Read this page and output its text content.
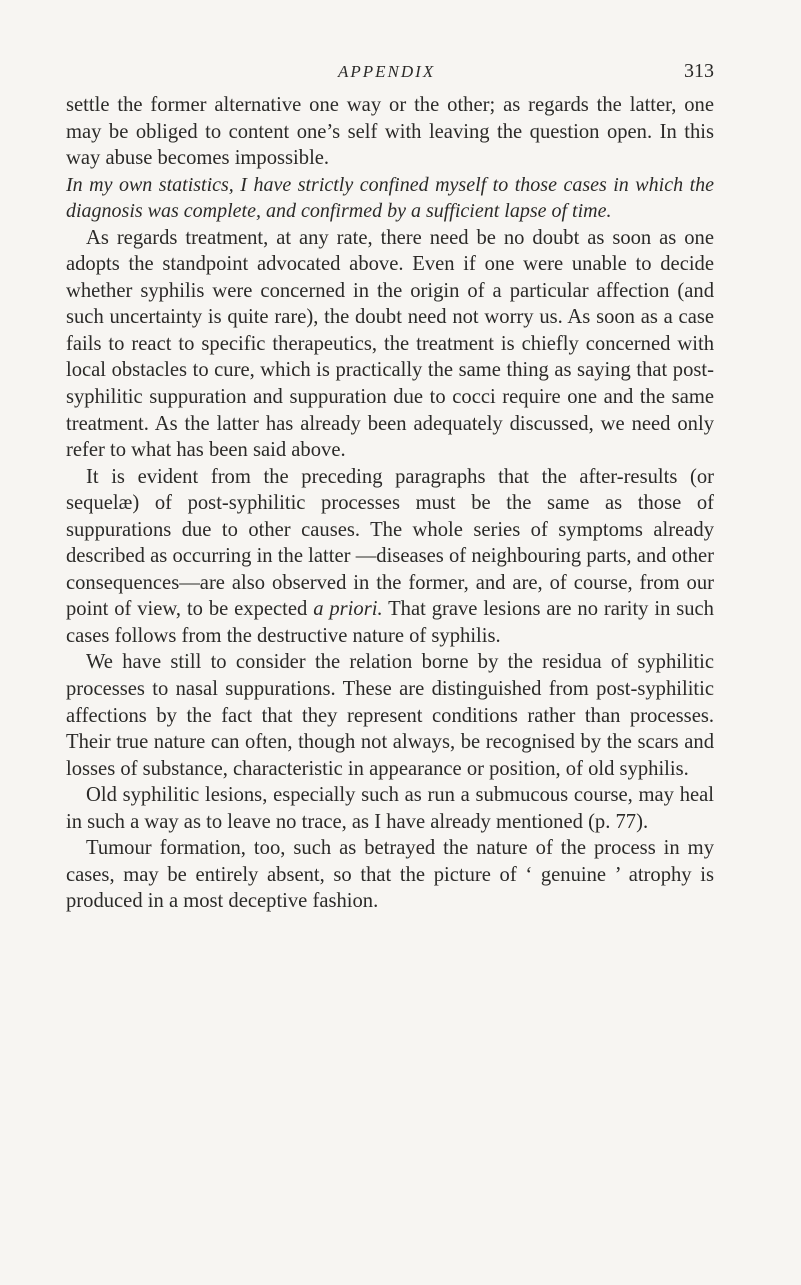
APPENDIX	313

settle the former alternative one way or the other; as regards the latter, one may be obliged to content one’s self with leaving the question open. In this way abuse becomes impossible.

In my own statistics, I have strictly confined myself to those cases in which the diagnosis was complete, and confirmed by a sufficient lapse of time.

As regards treatment, at any rate, there need be no doubt as soon as one adopts the standpoint advocated above. Even if one were unable to decide whether syphilis were concerned in the origin of a particular affection (and such uncertainty is quite rare), the doubt need not worry us. As soon as a case fails to react to specific therapeutics, the treatment is chiefly concerned with local obstacles to cure, which is practically the same thing as saying that post-syphilitic suppuration and suppuration due to cocci require one and the same treatment. As the latter has already been adequately discussed, we need only refer to what has been said above.

It is evident from the preceding paragraphs that the after-results (or sequelæ) of post-syphilitic processes must be the same as those of suppurations due to other causes. The whole series of symptoms already described as occurring in the latter —diseases of neighbouring parts, and other consequences—are also observed in the former, and are, of course, from our point of view, to be expected a priori. That grave lesions are no rarity in such cases follows from the destructive nature of syphilis.

We have still to consider the relation borne by the residua of syphilitic processes to nasal suppurations. These are distinguished from post-syphilitic affections by the fact that they represent conditions rather than processes. Their true nature can often, though not always, be recognised by the scars and losses of substance, characteristic in appearance or position, of old syphilis.

Old syphilitic lesions, especially such as run a submucous course, may heal in such a way as to leave no trace, as I have already mentioned (p. 77).

Tumour formation, too, such as betrayed the nature of the process in my cases, may be entirely absent, so that the picture of ‘ genuine ’ atrophy is produced in a most deceptive fashion.
